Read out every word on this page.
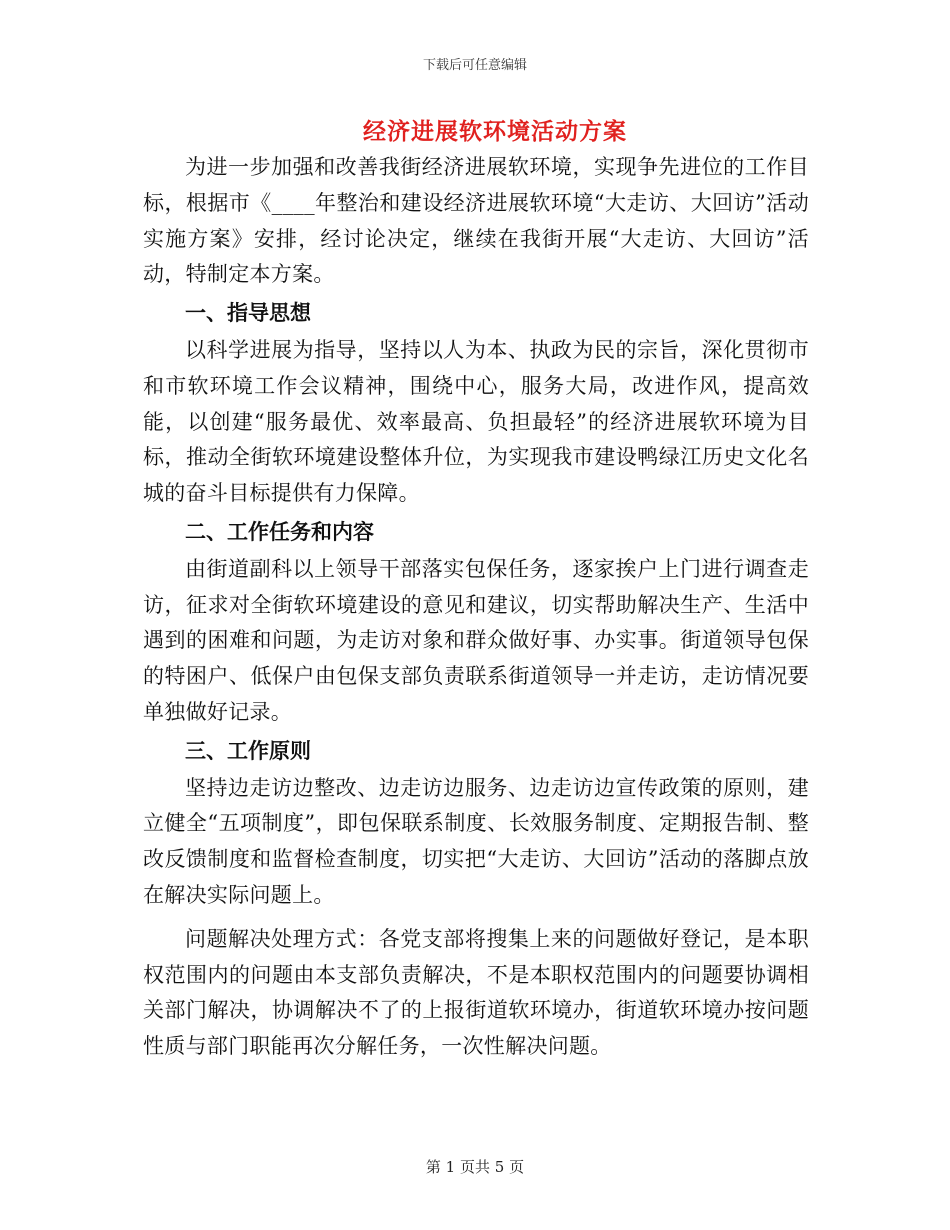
下载后可任意编辑
经济进展软环境活动方案

为进一步加强和改善我街经济进展软环境，实现争先进位的工作目标，根据市《____年整治和建设经济进展软环境“大走访、大回访”活动实施方案》安排，经讨论决定，继续在我街开展“大走访、大回访”活动，特制定本方案。

一、指导思想

以科学进展为指导，坚持以人为本、执政为民的宗旨，深化贯彻市和市软环境工作会议精神，围绕中心，服务大局，改进作风，提高效能，以创建“服务最优、效率最高、负担最轻”的经济进展软环境为目标，推动全街软环境建设整体升位，为实现我市建设鸭绿江历史文化名城的奋斗目标提供有力保障。

二、工作任务和内容

由街道副科以上领导干部落实包保任务，逐家挨户上门进行调查走访，征求对全街软环境建设的意见和建议，切实帮助解决生产、生活中遇到的困难和问题，为走访对象和群众做好事、办实事。街道领导包保的特困户、低保户由包保支部负责联系街道领导一并走访，走访情况要单独做好记录。

三、工作原则

坚持边走访边整改、边走访边服务、边走访边宣传政策的原则，建立健全“五项制度”，即包保联系制度、长效服务制度、定期报告制、整改反馈制度和监督检查制度，切实把“大走访、大回访”活动的落脚点放在解决实际问题上。

问题解决处理方式：各党支部将搜集上来的问题做好登记，是本职权范围内的问题由本支部负责解决，不是本职权范围内的问题要协调相关部门解决，协调解决不了的上报街道软环境办，街道软环境办按问题性质与部门职能再次分解任务，一次性解决问题。

第 1 页共 5 页
